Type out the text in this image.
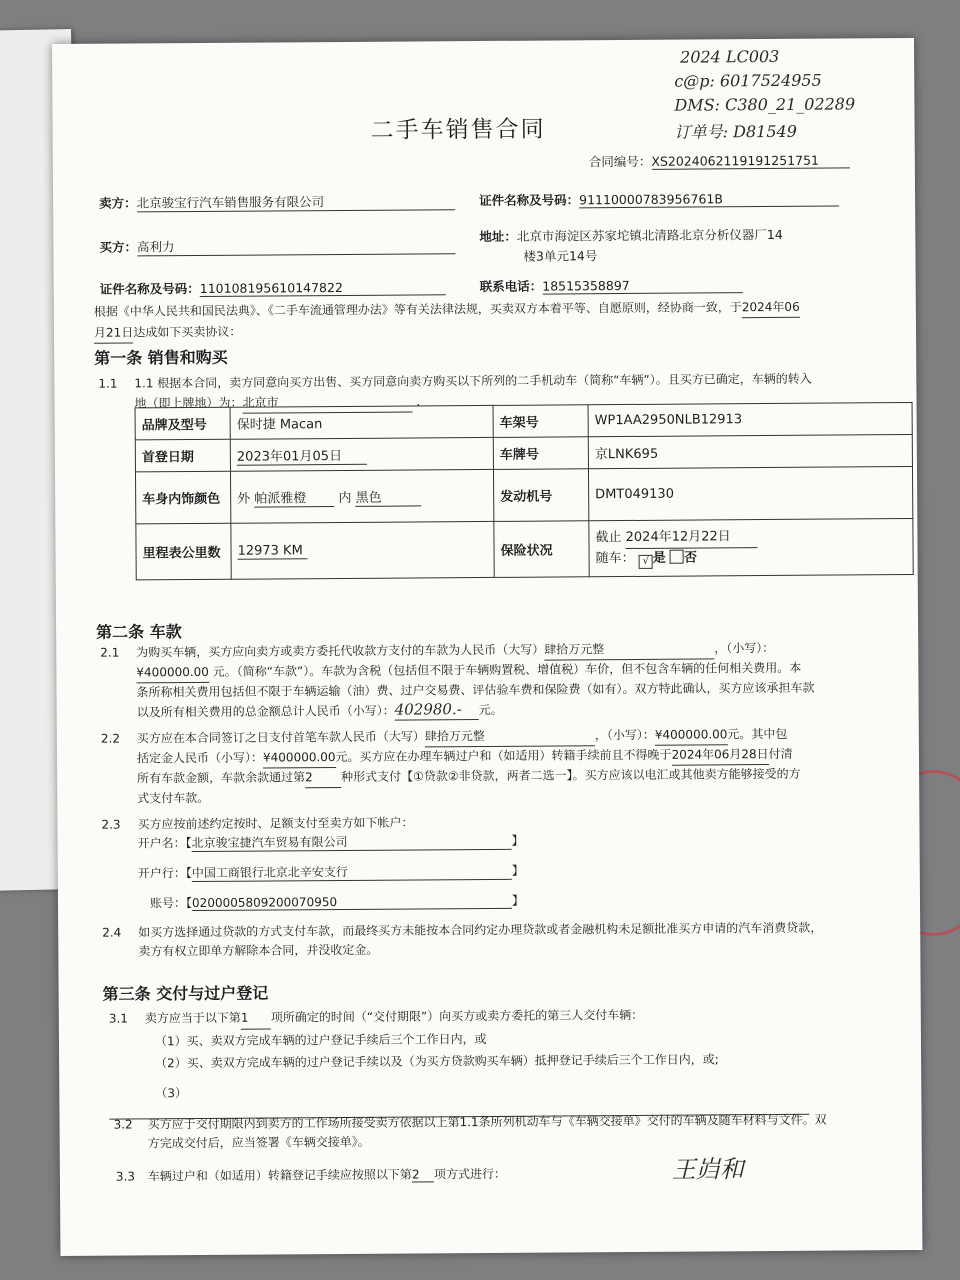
2024 LC003
c@p: 6017524955
DMS: C380_21_02289
订单号: D81549
二手车销售合同
合同编号：XS2024062119191251751
卖方：北京骏宝行汽车销售服务有限公司	证件名称及号码：91110000783956761B
买方：高利力
地址：北京市海淀区苏家坨镇北清路北京分析仪器厂14
楼3单元14号
证件名称及号码：110108195610147822	联系电话：18515358897
根据《中华人民共和国民法典》、《二手车流通管理办法》等有关法律法规，买卖双方本着平等、自愿原则，经协商一致，于2024年06
月21日达成如下买卖协议：
第一条 销售和购买
1.1 1.1 根据本合同，卖方同意向买方出售、买方同意向卖方购买以下所列的二手机动车（简称“车辆”）。且买方已确定，车辆的转入
地（即上牌地）为：北京市	.
品牌及型号	保时捷 Macan	车架号	WP1AA2950NLB12913
首登日期	2023年01月05日	车牌号	京LNK695
车身内饰颜色	外 帕派雅橙 内 黑色	发动机号	DMT049130
里程表公里数	12973 KM	保险状况	截止 2024年12月22日
随车： √ 是 否
第二条 车款
2.1 为购买车辆，买方应向卖方或卖方委托代收款方支付的车款为人民币（大写）肆拾万元整	，（小写）：
¥400000.00 元。（简称“车款”）。车款为含税（包括但不限于车辆购置税、增值税）车价，但不包含车辆的任何相关费用。本
条所称相关费用包括但不限于车辆运输（油）费、过户交易费、评估验车费和保险费（如有）。双方特此确认，买方应该承担车款
以及所有相关费用的总金额总计人民币（小写）：402980.- 元。
2.2 买方应在本合同签订之日支付首笔车款人民币（大写）肆拾万元整	，（小写）：¥400000.00元。其中包
括定金人民币（小写）：¥400000.00元。买方应在办理车辆过户和（如适用）转籍手续前且不得晚于2024年06月28日付清
所有车款金额，车款余款通过第2 种形式支付【①贷款②非贷款，两者二选一】。买方应该以电汇或其他卖方能够接受的方
式支付车款。
2.3 买方应按前述约定按时、足额支付至卖方如下帐户：
开户名：【北京骏宝捷汽车贸易有限公司	】
开户行：【中国工商银行北京北辛安支行	】
账号：【0200005809200070950	】
2.4 如买方选择通过贷款的方式支付车款，而最终买方未能按本合同约定办理贷款或者金融机构未足额批准买方申请的汽车消费贷款，
卖方有权立即单方解除本合同，并没收定金。
第三条 交付与过户登记
3.1 卖方应当于以下第1 项所确定的时间（“交付期限”）向买方或卖方委托的第三人交付车辆：
（1）买、卖双方完成车辆的过户登记手续后三个工作日内，或
（2）买、卖双方完成车辆的过户登记手续以及（为买方贷款购买车辆）抵押登记手续后三个工作日内，或;
（3）
3.2 买方应于交付期限内到卖方的工作场所接受卖方依据以上第1.1条所列机动车与《车辆交接单》交付的车辆及随车材料与文件。双
方完成交付后，应当签署《车辆交接单》。
3.3 车辆过户和（如适用）转籍登记手续应按照以下第2 项方式进行：	王岿和
